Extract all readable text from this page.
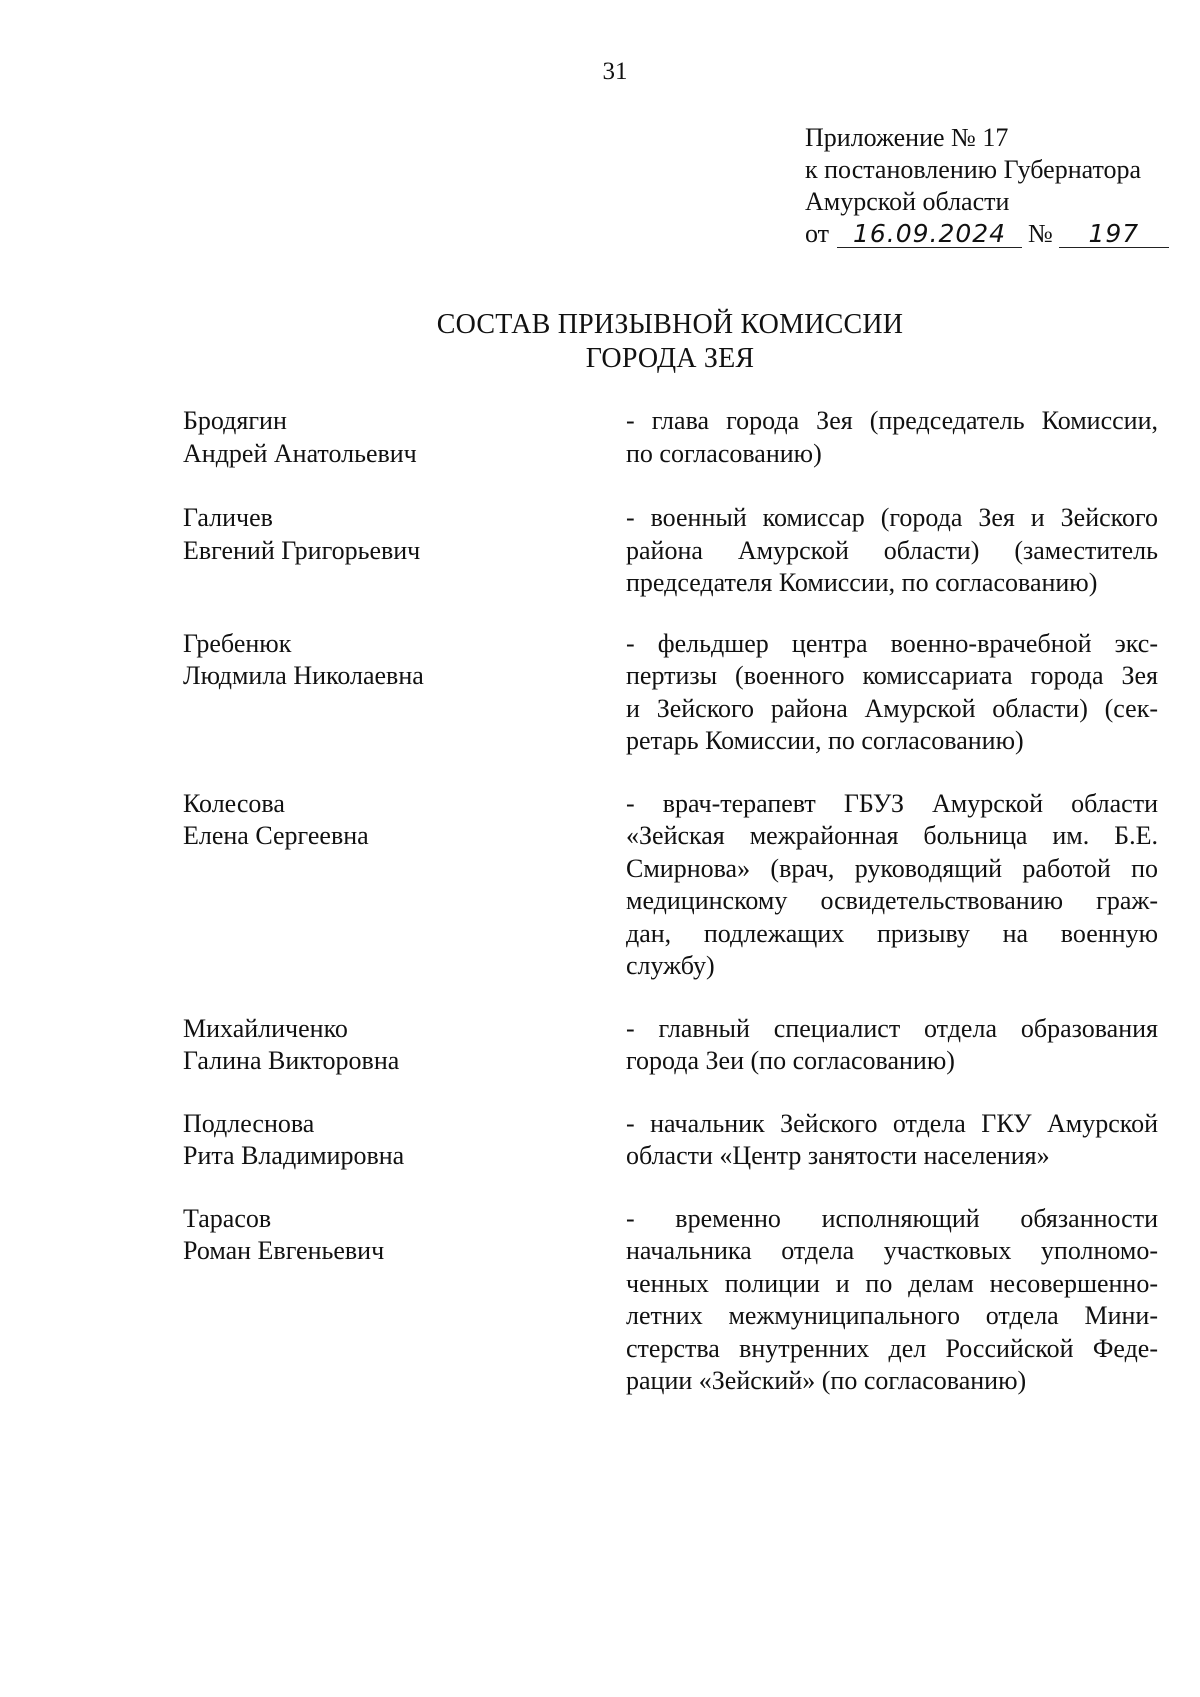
31
Приложение № 17
к постановлению Губернатора
Амурской области
от 16.09.2024 №	197
СОСТАВ ПРИЗЫВНОЙ КОМИССИИ
ГОРОДА ЗЕЯ
Бродягин
Андрей Анатольевич
- глава города Зея (председатель Комиссии,
по согласованию)
Галичев
Евгений Григорьевич
- военный комиссар (города Зея и Зейского
района Амурской области) (заместитель
председателя Комиссии, по согласованию)
Гребенюк
Людмила Николаевна
- фельдшер центра военно-врачебной экс-
пертизы (военного комиссариата города Зея
и Зейского района Амурской области) (сек-
ретарь Комиссии, по согласованию)
Колесова
Елена Сергеевна
- врач-терапевт ГБУЗ Амурской области
«Зейская межрайонная больница им. Б.Е.
Смирнова» (врач, руководящий работой по
медицинскому освидетельствованию граж-
дан, подлежащих призыву на военную
службу)
Михайличенко
Галина Викторовна
- главный специалист отдела образования
города Зеи (по согласованию)
Подлеснова
Рита Владимировна
- начальник Зейского отдела ГКУ Амурской
области «Центр занятости населения»
Тарасов
Роман Евгеньевич
- временно исполняющий обязанности
начальника отдела участковых уполномо-
ченных полиции и по делам несовершенно-
летних межмуниципального отдела Мини-
стерства внутренних дел Российской Феде-
рации «Зейский» (по согласованию)
